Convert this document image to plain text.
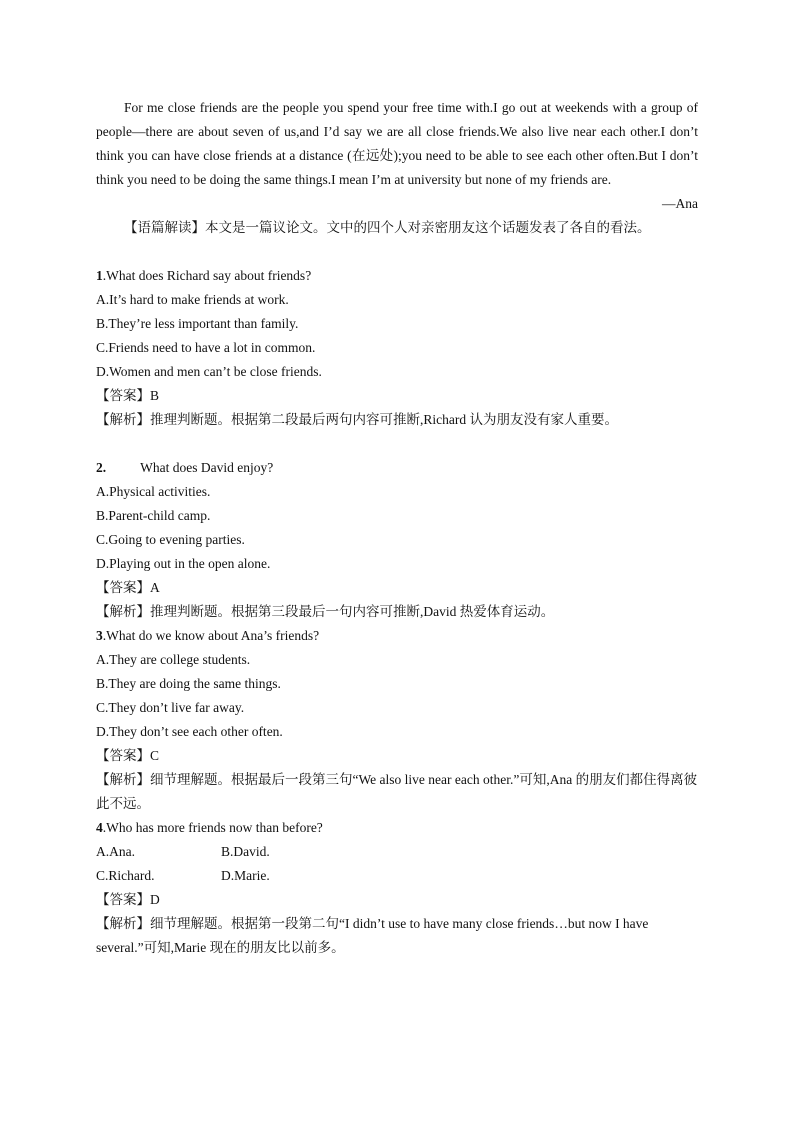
For me close friends are the people you spend your free time with.I go out at weekends with a group of people—there are about seven of us,and I’d say we are all close friends.We also live near each other.I don’t think you can have close friends at a distance (在远处);you need to be able to see each other often.But I don’t think you need to be doing the same things.I mean I’m at university but none of my friends are.

—Ana

【语篇解读】本文是一篇议论文。文中的四个人对亲密朋友这个话题发表了各自的看法。

1.What does Richard say about friends?

A.It’s hard to make friends at work.

B.They’re less important than family.

C.Friends need to have a lot in common.

D.Women and men can’t be close friends.

【答案】B

【解析】推理判断题。根据第二段最后两句内容可推断,Richard 认为朋友没有家人重要。

2.	What does David enjoy?

A.Physical activities.

B.Parent-child camp.

C.Going to evening parties.

D.Playing out in the open alone.

【答案】A

【解析】推理判断题。根据第三段最后一句内容可推断,David 热爱体育运动。

3.What do we know about Ana’s friends?

A.They are college students.

B.They are doing the same things.

C.They don’t live far away.

D.They don’t see each other often.

【答案】C

【解析】细节理解题。根据最后一段第三句“We also live near each other.”可知,Ana 的朋友们都住得离彼此不远。

4.Who has more friends now than before?

A.Ana.	B.David.
C.Richard.	D.Marie.

【答案】D

【解析】细节理解题。根据第一段第二句“I didn’t use to have many close friends…but now I have several.”可知,Marie 现在的朋友比以前多。
